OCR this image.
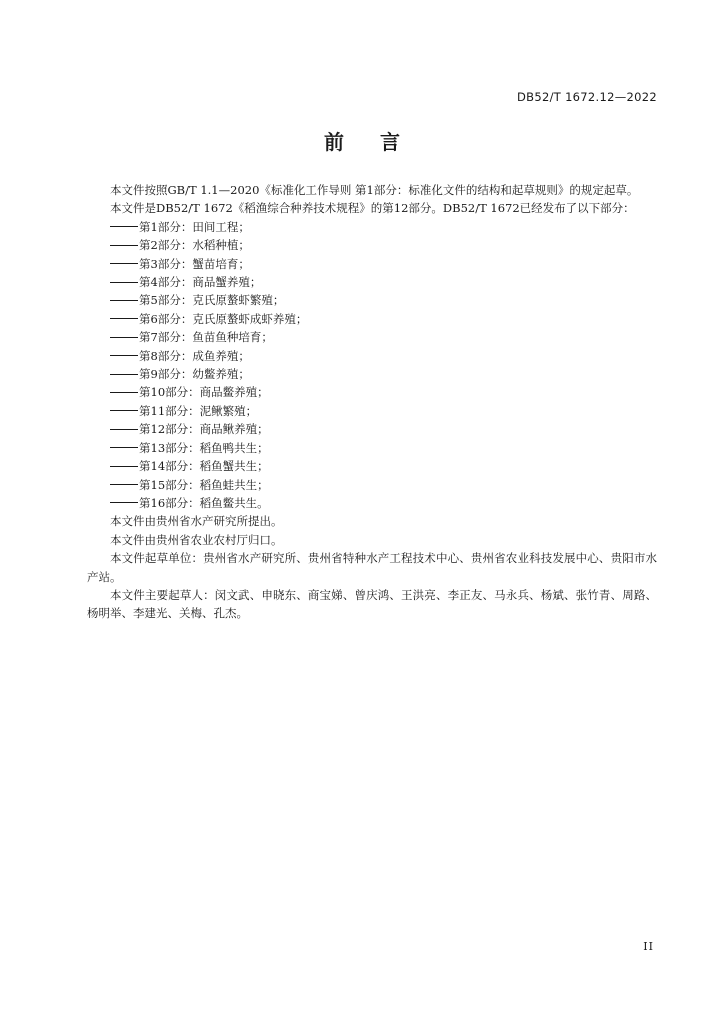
DB52/T 1672.12—2022
前言

本文件按照GB/T 1.1—2020《标准化工作导则 第1部分：标准化文件的结构和起草规则》的规定起草。

本文件是DB52/T 1672《稻渔综合种养技术规程》的第12部分。DB52/T 1672已经发布了以下部分：

第1部分：田间工程；
第2部分：水稻种植；
第3部分：蟹苗培育；
第4部分：商品蟹养殖；
第5部分：克氏原螯虾繁殖；
第6部分：克氏原螯虾成虾养殖；
第7部分：鱼苗鱼种培育；
第8部分：成鱼养殖；
第9部分：幼鳖养殖；
第10部分：商品鳖养殖；
第11部分：泥鳅繁殖；
第12部分：商品鳅养殖；
第13部分：稻鱼鸭共生；
第14部分：稻鱼蟹共生；
第15部分：稻鱼蛙共生；
第16部分：稻鱼鳖共生。

本文件由贵州省水产研究所提出。

本文件由贵州省农业农村厅归口。

本文件起草单位：贵州省水产研究所、贵州省特种水产工程技术中心、贵州省农业科技发展中心、贵阳市水产站。

本文件主要起草人：闵文武、申晓东、商宝娣、曾庆鸿、王洪亮、李正友、马永兵、杨斌、张竹青、周路、杨明举、李建光、关梅、孔杰。

II
